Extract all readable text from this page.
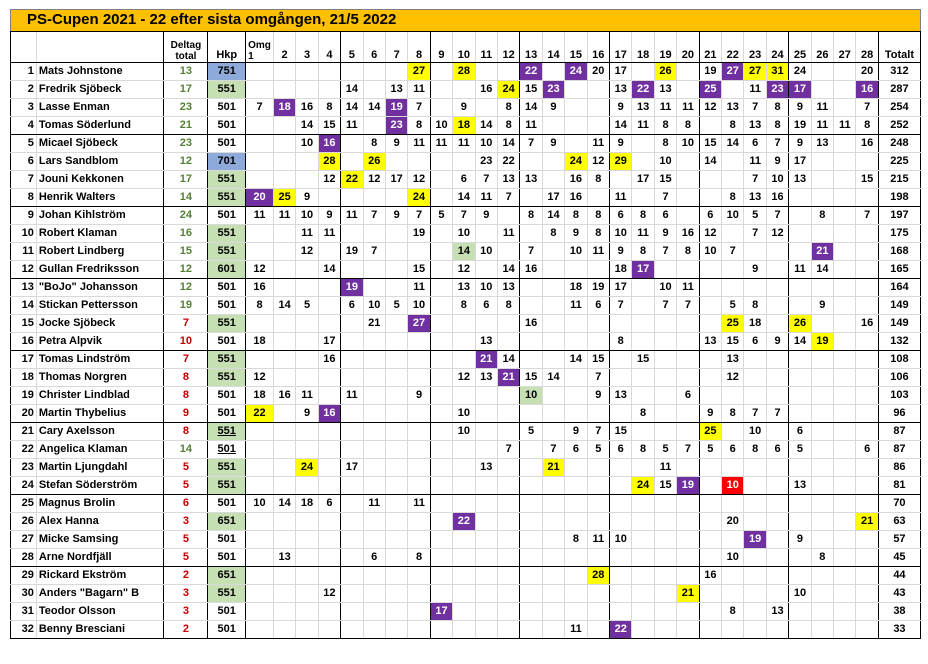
PS-Cupen 2021 - 22 efter sista omgången, 21/5 2022
		Deltag
total	Hkp	Omg
1	2	3	4	5	6	7	8	9	10	11	12	13	14	15	16	17	18	19	20	21	22	23	24	25	26	27	28	Totalt
1	Mats Johnstone	13	751								27		28			22		24	20	17		26		19	27	27	31	24			20	312
2	Fredrik Sjöbeck	17	551					14		13	11			16	24	15	23			13	22	13		25		11	23	17			16	287
3	Lasse Enman	23	501	7	18	16	8	14	14	19	7		9		8	14	9			9	13	11	11	12	13	7	8	9	11		7	254
4	Tomas Söderlund	21	501			14	15	11		23	8	10	18	14	8	11				14	11	8	8		8	13	8	19	11	11	8	252
5	Micael Sjöbeck	23	501			10	16		8	9	11	11	11	10	14	7	9		11	9		8	10	15	14	6	7	9	13		16	248
6	Lars Sandblom	12	701				28		26					23	22			24	12	29		10		14		11	9	17				225
7	Jouni Kekkonen	17	551				12	22	12	17	12		6	7	13	13		16	8		17	15				7	10	13			15	215
8	Henrik Walters	14	551	20	25	9					24		14	11	7		17	16		11		7			8	13	16					198
9	Johan Kihlström	24	501	11	11	10	9	11	7	9	7	5	7	9		8	14	8	8	6	8	6		6	10	5	7		8		7	197
10	Robert Klaman	16	551			11	11				19		10		11		8	9	8	10	11	9	16	12		7	12					175
11	Robert Lindberg	15	551			12		19	7				14	10		7		10	11	9	8	7	8	10	7				21			168
12	Gullan Fredriksson	12	601	12			14				15		12		14	16				18	17					9		11	14			165
13	"BoJo" Johansson	12	501	16				19			11		13	10	13			18	19	17		10	11									164
14	Stickan Pettersson	19	501	8	14	5		6	10	5	10		8	6	8			11	6	7		7	7		5	8			9			149
15	Jocke Sjöbeck	7	551						21		27					16									25	18		26			16	149
16	Petra Alpvik	10	501	18			17							13						8				13	15	6	9	14	19			132
17	Tomas Lindström	7	551				16							21	14			14	15		15				13							108
18	Thomas Norgren	8	551	12									12	13	21	15	14		7						12							106
19	Christer Lindblad	8	501	18	16	11		11			9					10			9	13			6									103
20	Martin Thybelius	9	501	22		9	16						10								8			9	8	7	7					96
21	Cary Axelsson	8	551										10			5		9	7	15				25		10		6				87
22	Angelica Klaman	14	501												7		7	6	5	6	8	5	7	5	6	8	6	5			6	87
23	Martin Ljungdahl	5	551			24		17						13			21					11										86
24	Stefan Söderström	5	551																		24	15	19		10			13				81
25	Magnus Brolin	6	501	10	14	18	6		11		11																					70
26	Alex Hanna	3	651										22												20						21	63
27	Micke Samsing	5	501															8	11	10						19		9				57
28	Arne Nordfjäll	5	501		13				6		8														10				8			45
29	Rickard Ekström	2	651																28					16								44
30	Anders "Bagarn" B	3	551				12																21					10				43
31	Teodor Olsson	3	501									17													8		13					38
32	Benny Bresciani	2	501															11		22												33
